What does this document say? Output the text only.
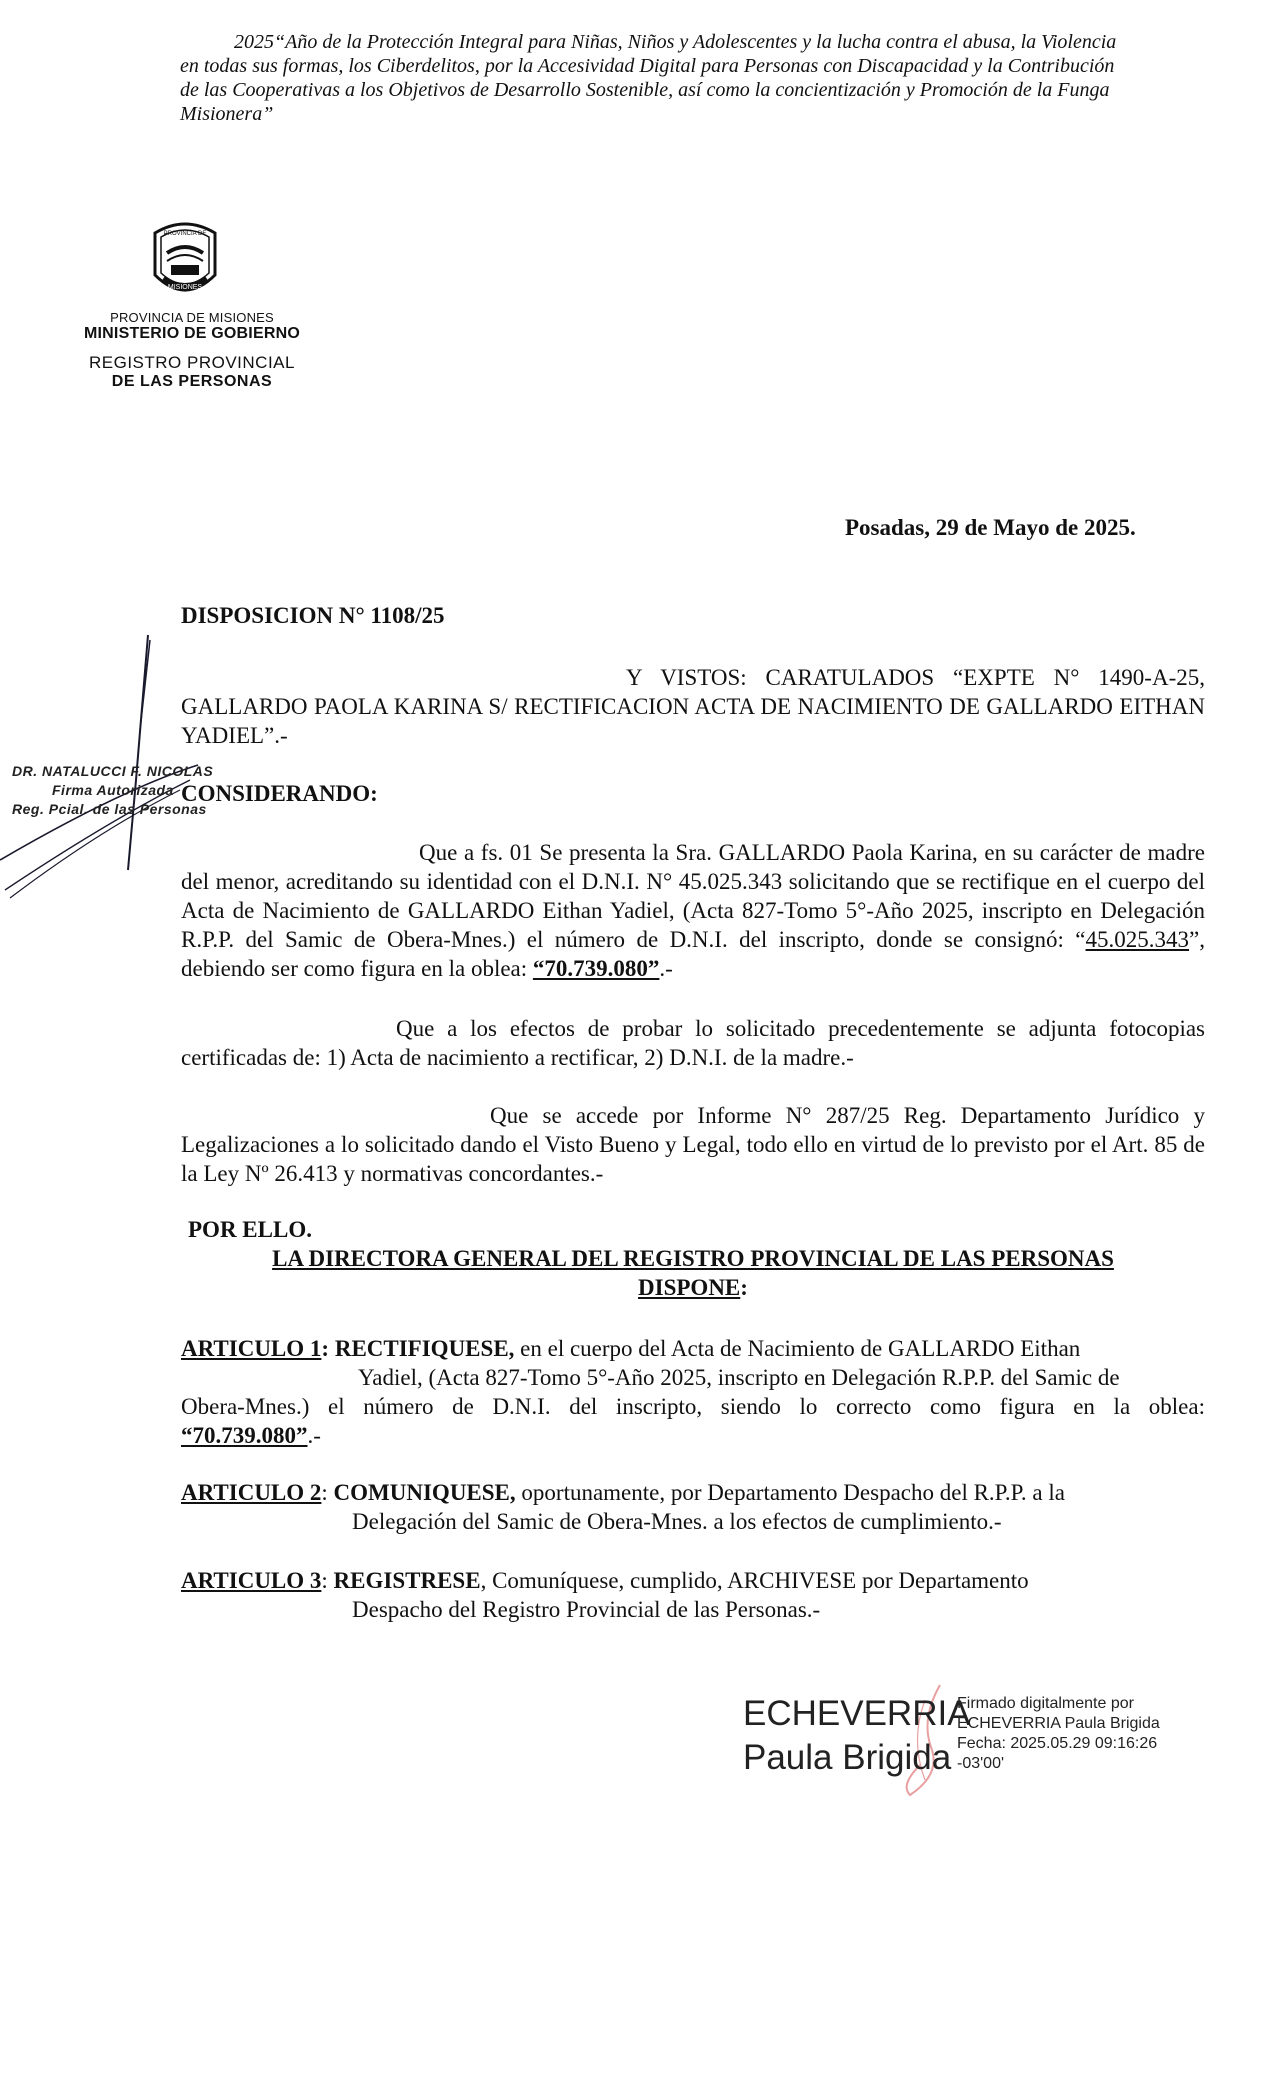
2025“Año de la Protección Integral para Niñas, Niños y Adolescentes y la lucha contra el abusa, la Violencia
en todas sus formas, los Ciberdelitos, por la Accesividad Digital para Personas con Discapacidad y la Contribución
de las Cooperativas a los Objetivos de Desarrollo Sostenible, así como la concientización y Promoción de la Funga
Misionera”
PROVINCIA DE
MISIONES
PROVINCIA DE MISIONES
MINISTERIO DE GOBIERNO
REGISTRO PROVINCIAL
DE LAS PERSONAS
Posadas, 29 de Mayo de 2025.
DISPOSICION N° 1108/25
Y VISTOS: CARATULADOS “EXPTE N° 1490-A-25, GALLARDO PAOLA KARINA S/ RECTIFICACION ACTA DE NACIMIENTO DE GALLARDO EITHAN YADIEL”.-
DR. NATALUCCI F. NICOLAS
Firma Autorizada
Reg. Pcial. de las Personas
CONSIDERANDO:
Que a fs. 01 Se presenta la Sra. GALLARDO Paola Karina, en su carácter de madre del menor, acreditando su identidad con el D.N.I. N° 45.025.343 solicitando que se rectifique en el cuerpo del Acta de Nacimiento de GALLARDO Eithan Yadiel, (Acta 827-Tomo 5°-Año 2025, inscripto en Delegación R.P.P. del Samic de Obera-Mnes.) el número de D.N.I. del inscripto, donde se consignó: “45.025.343”, debiendo ser como figura en la oblea: “70.739.080”.-
Que a los efectos de probar lo solicitado precedentemente se adjunta fotocopias certificadas de: 1) Acta de nacimiento a rectificar, 2) D.N.I. de la madre.-
Que se accede por Informe N° 287/25 Reg. Departamento Jurídico y Legalizaciones a lo solicitado dando el Visto Bueno y Legal, todo ello en virtud de lo previsto por el Art. 85 de la Ley Nº 26.413 y normativas concordantes.-
POR ELLO.
LA DIRECTORA GENERAL DEL REGISTRO PROVINCIAL DE LAS PERSONAS
DISPONE:
ARTICULO 1: RECTIFIQUESE, en el cuerpo del Acta de Nacimiento de GALLARDO Eithan
Yadiel, (Acta 827-Tomo 5°-Año 2025, inscripto en Delegación R.P.P. del Samic de
Obera-Mnes.) el número de D.N.I. del inscripto, siendo lo correcto como figura en la oblea:
“70.739.080”.-
ARTICULO 2: COMUNIQUESE, oportunamente, por Departamento Despacho del R.P.P. a la
Delegación del Samic de Obera-Mnes. a los efectos de cumplimiento.-
ARTICULO 3: REGISTRESE, Comuníquese, cumplido, ARCHIVESE por Departamento
Despacho del Registro Provincial de las Personas.-
ECHEVERRIA
Paula Brigida
Firmado digitalmente por
ECHEVERRIA Paula Brigida
Fecha: 2025.05.29 09:16:26
-03'00'
